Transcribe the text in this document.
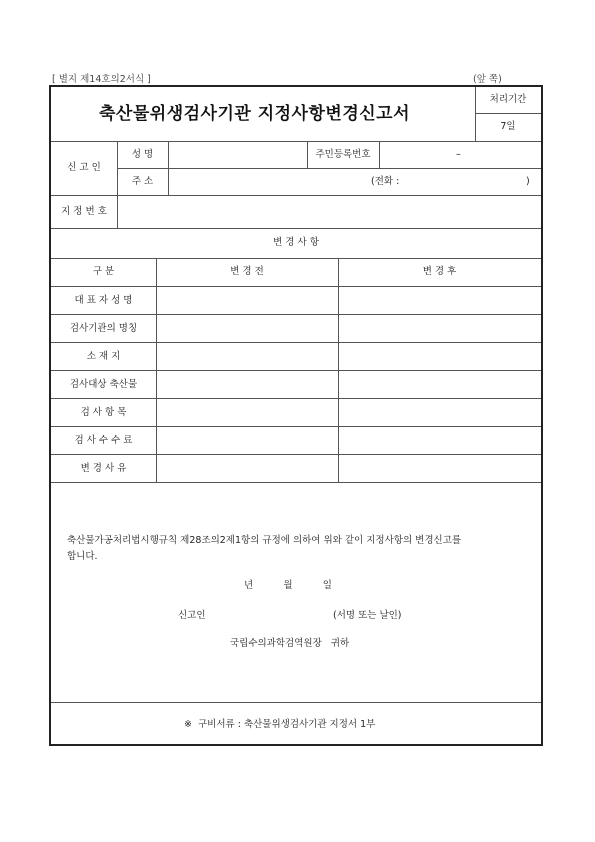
[ 별지 제14호의2서식 ]	(앞 쪽)
축산물위생검사기관 지정사항변경신고서
처리기간
7일
신 고 인
성 명	주민등록번호	–
주 소	(전화 :	)
지 정 번 호
변 경 사 항
구 분	변 경 전	변 경 후
대 표 자 성 명
검사기관의 명칭
소 재 지
검사대상 축산물
검 사 항 목
검 사 수 수 료
변 경 사 유
축산물가공처리법시행규칙 제28조의2제1항의 규정에 의하여 위와 같이 지정사항의 변경신고를
합니다.
년          월          일
신고인	(서명 또는 날인)
국립수의과학검역원장   귀하
※  구비서류 : 축산물위생검사기관 지정서 1부
